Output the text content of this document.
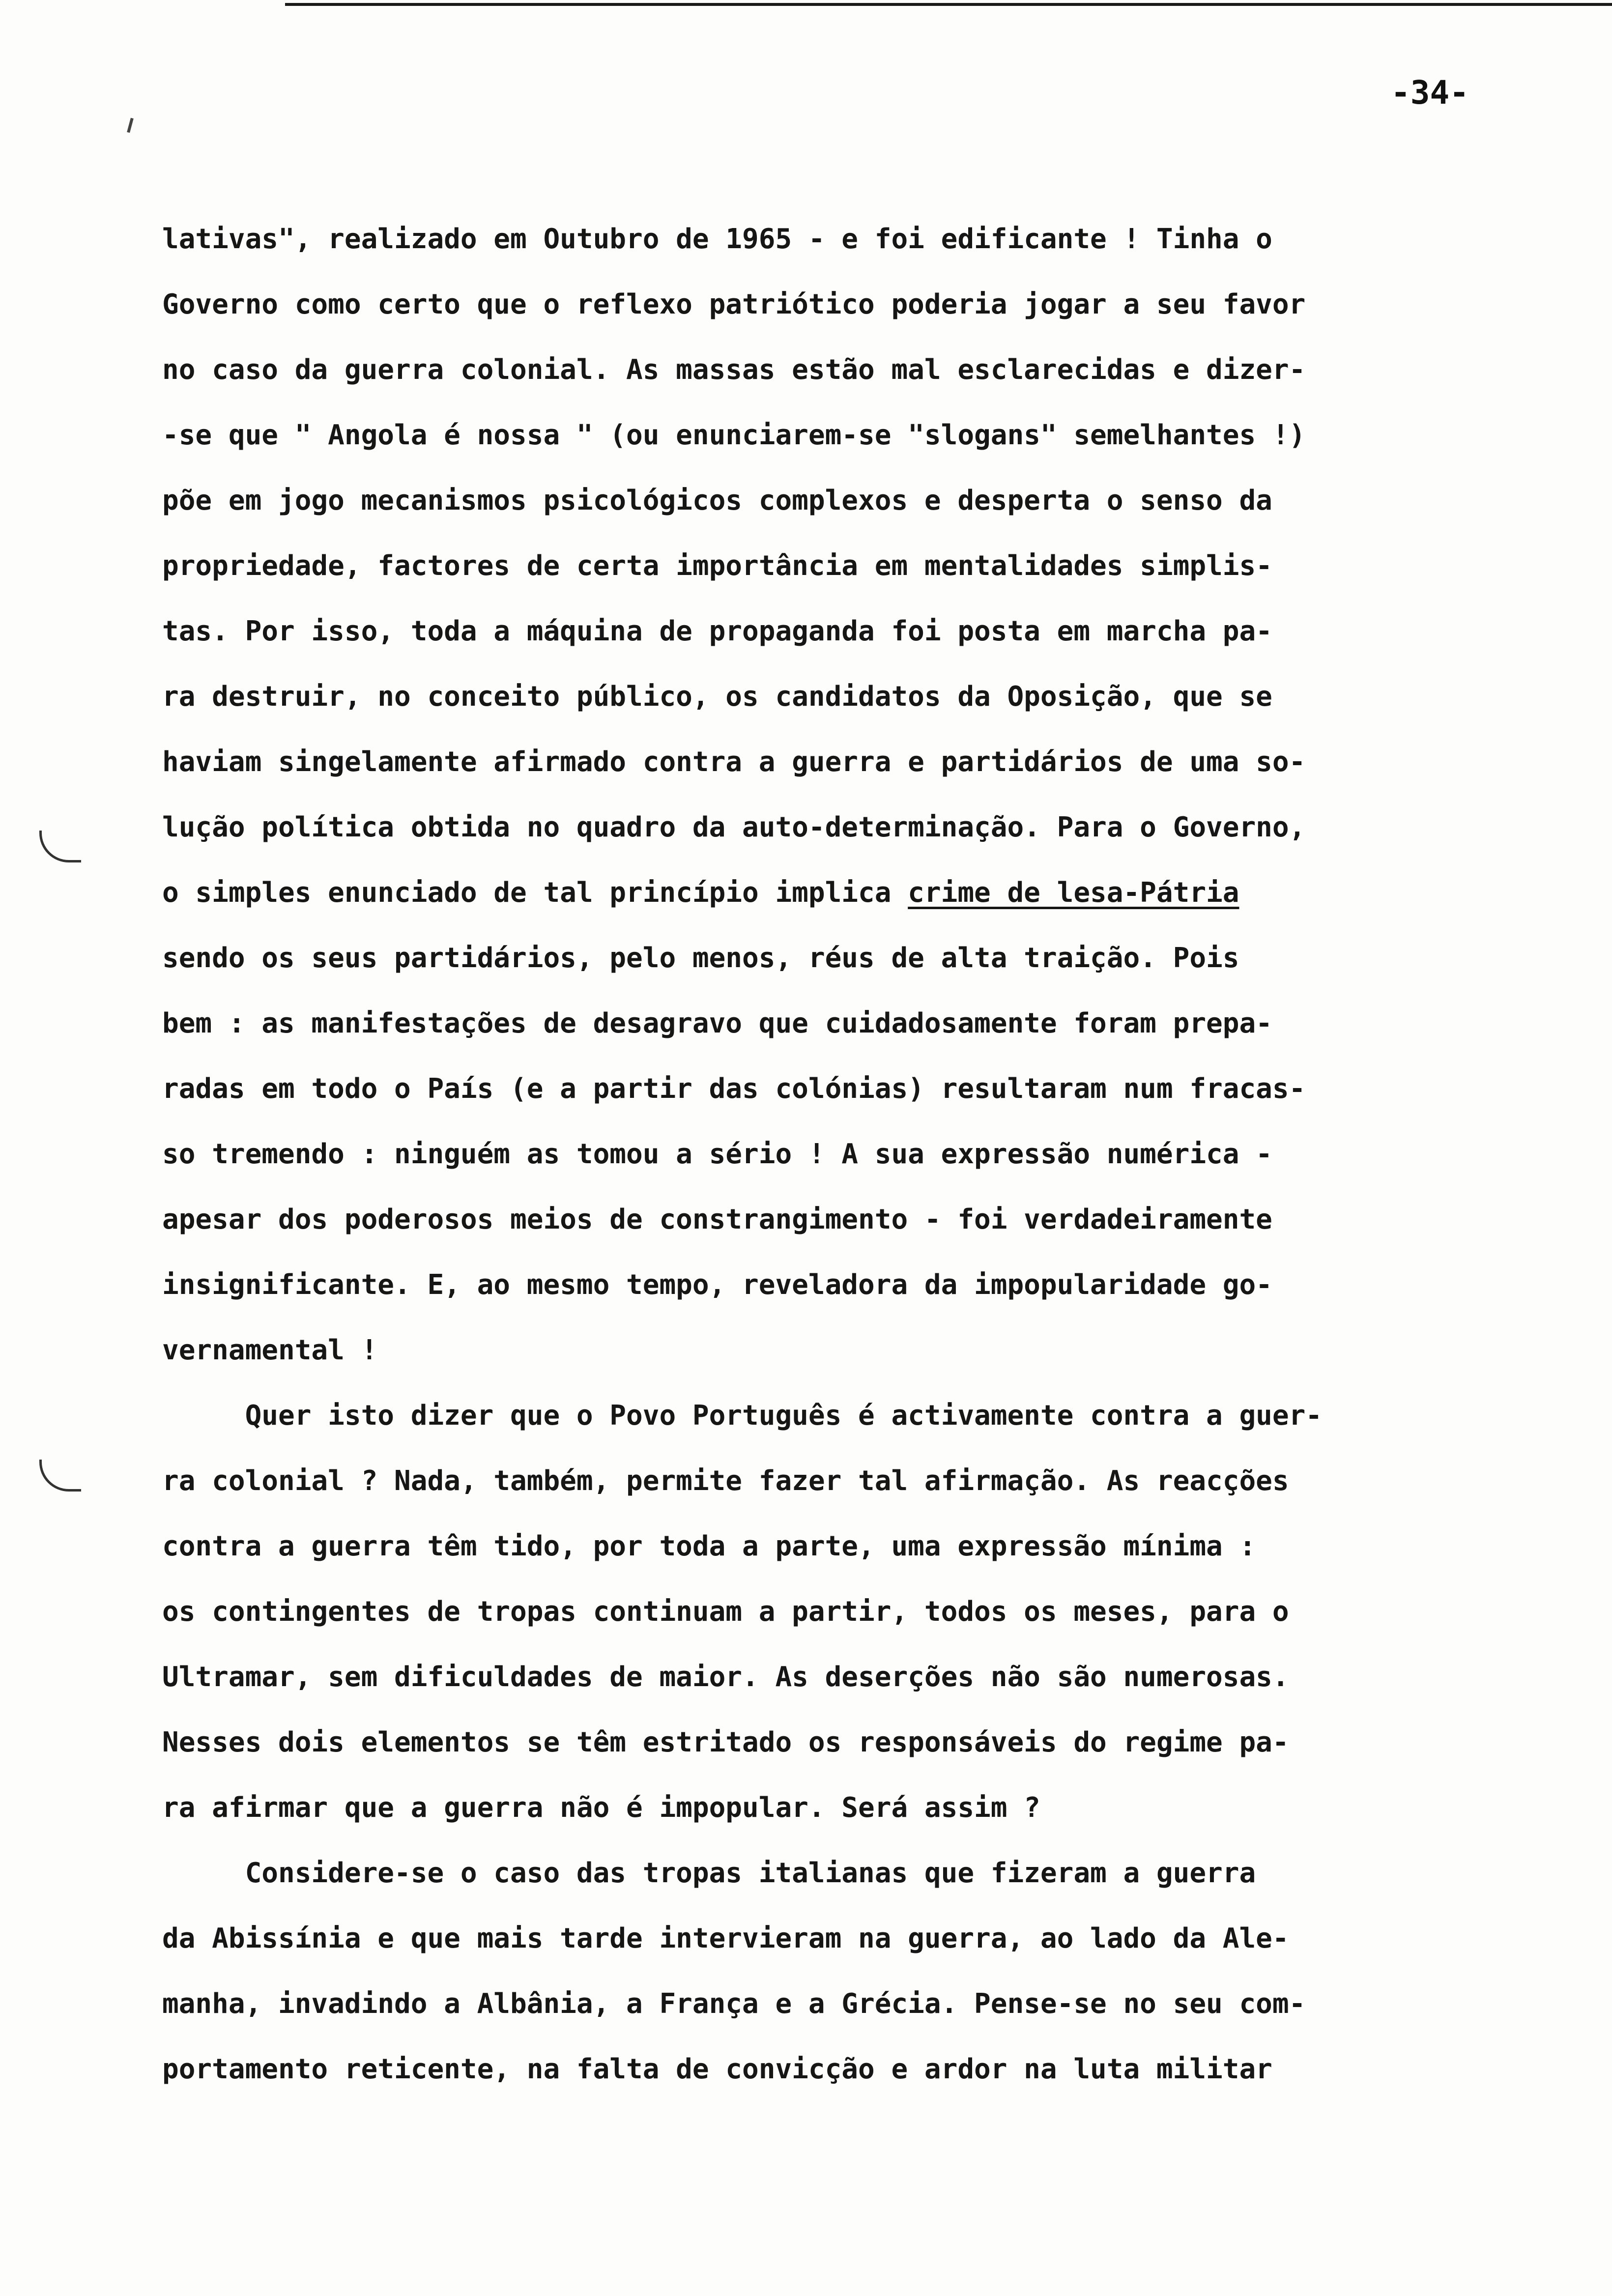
-34-
lativas", realizado em Outubro de 1965 - e foi edificante ! Tinha o
Governo como certo que o reflexo patriótico poderia jogar a seu favor
no caso da guerra colonial. As massas estão mal esclarecidas e dizer-
-se que " Angola é nossa " (ou enunciarem-se "slogans" semelhantes !)
põe em jogo mecanismos psicológicos complexos e desperta o senso da
propriedade, factores de certa importância em mentalidades simplis-
tas. Por isso, toda a máquina de propaganda foi posta em marcha pa-
ra destruir, no conceito público, os candidatos da Oposição, que se
haviam singelamente afirmado contra a guerra e partidários de uma so-
lução política obtida no quadro da auto-determinação. Para o Governo,
o simples enunciado de tal princípio implica crime de lesa-Pátria
sendo os seus partidários, pelo menos, réus de alta traição. Pois
bem : as manifestações de desagravo que cuidadosamente foram prepa-
radas em todo o País (e a partir das colónias) resultaram num fracas-
so tremendo : ninguém as tomou a sério ! A sua expressão numérica -
apesar dos poderosos meios de constrangimento - foi verdadeiramente
insignificante. E, ao mesmo tempo, reveladora da impopularidade go-
vernamental !
Quer isto dizer que o Povo Português é activamente contra a guer-
ra colonial ? Nada, também, permite fazer tal afirmação. As reacções
contra a guerra têm tido, por toda a parte, uma expressão mínima :
os contingentes de tropas continuam a partir, todos os meses, para o
Ultramar, sem dificuldades de maior. As deserções não são numerosas.
Nesses dois elementos se têm estritado os responsáveis do regime pa-
ra afirmar que a guerra não é impopular. Será assim ?
Considere-se o caso das tropas italianas que fizeram a guerra
da Abissínia e que mais tarde intervieram na guerra, ao lado da Ale-
manha, invadindo a Albânia, a França e a Grécia. Pense-se no seu com-
portamento reticente, na falta de convicção e ardor na luta militar
